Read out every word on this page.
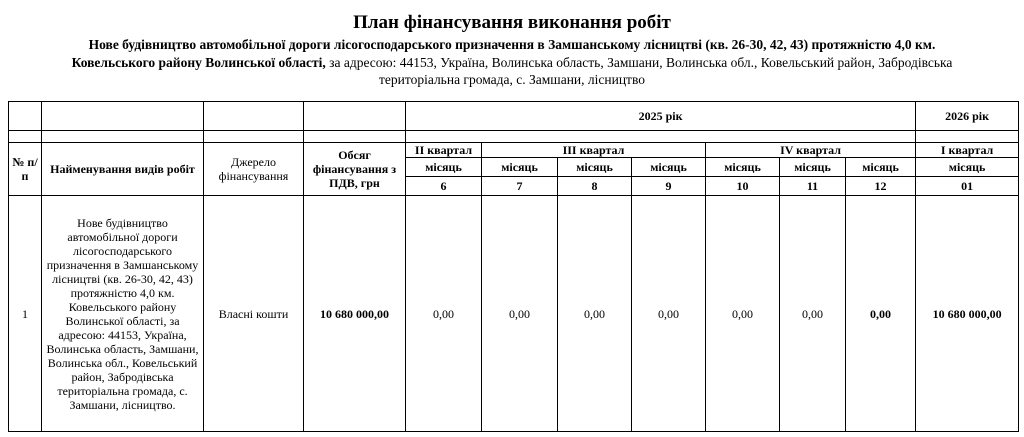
План фінансування виконання робіт
Нове будівництво автомобільної дороги лісогосподарського призначення в Замшанському лісництві (кв. 26-30, 42, 43) протяжністю 4,0 км.
Ковельського району Волинської області, за адресою: 44153, Україна, Волинська область, Замшани, Волинська обл., Ковельський район, Забродівська
територіальна громада, с. Замшани, лісництво
				2025 рік							2026 рік

№ п/п	Найменування видів робіт	Джерело фінансування	Обсяг фінансування з ПДВ, грн	ІІ квартал	ІІІ квартал			ІV квартал			І квартал
				місяць	місяць	місяць	місяць	місяць	місяць	місяць	місяць
				6	7	8	9	10	11	12	01
1	Нове будівництво автомобільної дороги лісогосподарського призначення в Замшанському лісництві (кв. 26-30, 42, 43) протяжністю 4,0 км. Ковельського району Волинської області, за адресою: 44153, Україна, Волинська область, Замшани, Волинська обл., Ковельський район, Забродівська територіальна громада, с. Замшани, лісництво.	Власні кошти	10 680 000,00	0,00	0,00	0,00	0,00	0,00	0,00	0,00	10 680 000,00
